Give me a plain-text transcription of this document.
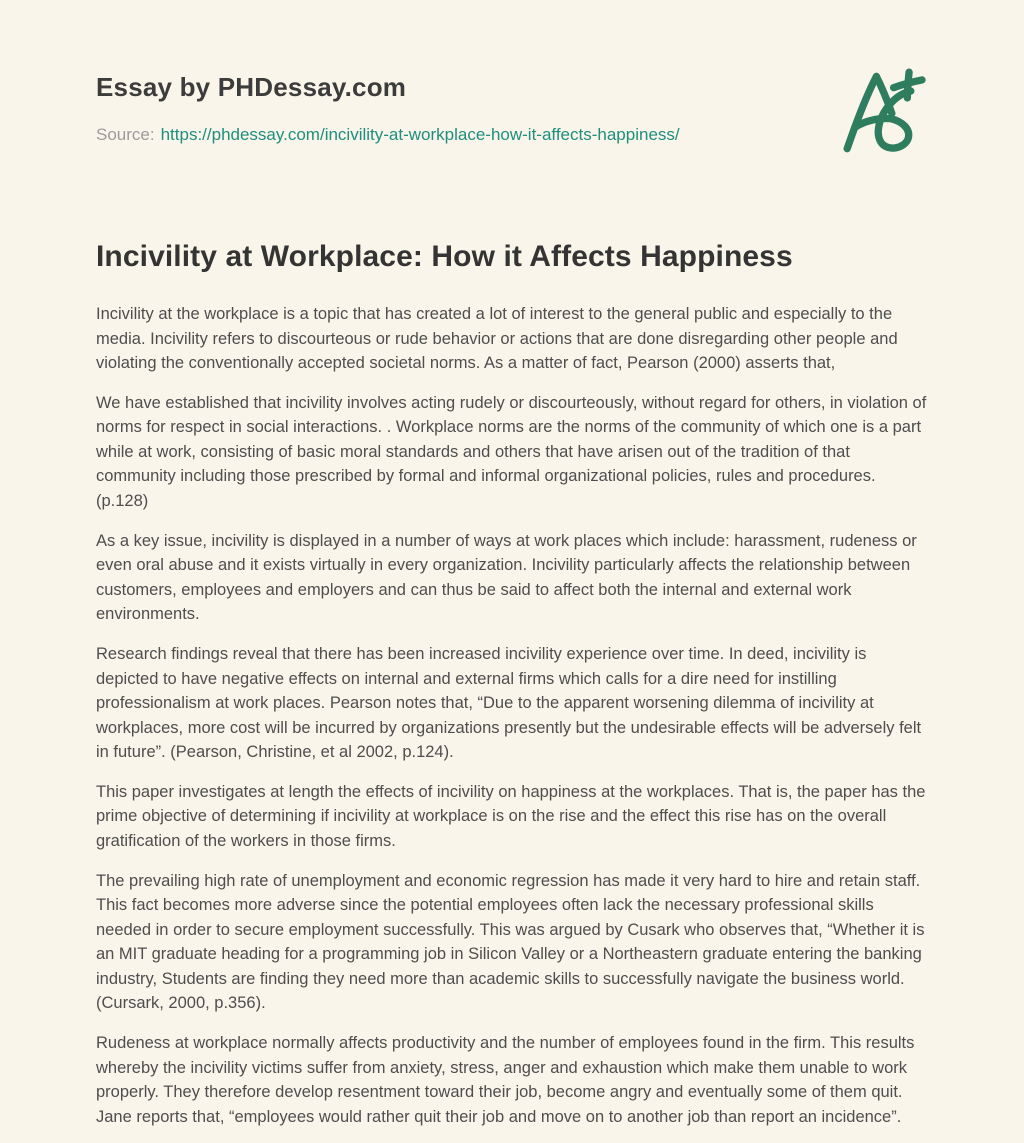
Essay by PHDessay.com
Source: https://phdessay.com/incivility-at-workplace-how-it-affects-happiness/
Incivility at Workplace: How it Affects Happiness

Incivility at the workplace is a topic that has created a lot of interest to the general public and especially to the media. Incivility refers to discourteous or rude behavior or actions that are done disregarding other people and violating the conventionally accepted societal norms. As a matter of fact, Pearson (2000) asserts that,

We have established that incivility involves acting rudely or discourteously, without regard for others, in violation of norms for respect in social interactions. . Workplace norms are the norms of the community of which one is a part while at work, consisting of basic moral standards and others that have arisen out of the tradition of that community including those prescribed by formal and informal organizational policies, rules and procedures. (p.128)

As a key issue, incivility is displayed in a number of ways at work places which include: harassment, rudeness or even oral abuse and it exists virtually in every organization. Incivility particularly affects the relationship between customers, employees and employers and can thus be said to affect both the internal and external work environments.

Research findings reveal that there has been increased incivility experience over time. In deed, incivility is depicted to have negative effects on internal and external firms which calls for a dire need for instilling professionalism at work places. Pearson notes that, “Due to the apparent worsening dilemma of incivility at workplaces, more cost will be incurred by organizations presently but the undesirable effects will be adversely felt in future”. (Pearson, Christine, et al 2002, p.124).

This paper investigates at length the effects of incivility on happiness at the workplaces. That is, the paper has the prime objective of determining if incivility at workplace is on the rise and the effect this rise has on the overall gratification of the workers in those firms.

The prevailing high rate of unemployment and economic regression has made it very hard to hire and retain staff. This fact becomes more adverse since the potential employees often lack the necessary professional skills needed in order to secure employment successfully. This was argued by Cusark who observes that, “Whether it is an MIT graduate heading for a programming job in Silicon Valley or a Northeastern graduate entering the banking industry, Students are finding they need more than academic skills to successfully navigate the business world. (Cursark, 2000, p.356).

Rudeness at workplace normally affects productivity and the number of employees found in the firm. This results whereby the incivility victims suffer from anxiety, stress, anger and exhaustion which make them unable to work properly. They therefore develop resentment toward their job, become angry and eventually some of them quit. Jane reports that, “employees would rather quit their job and move on to another job than report an incidence”.
